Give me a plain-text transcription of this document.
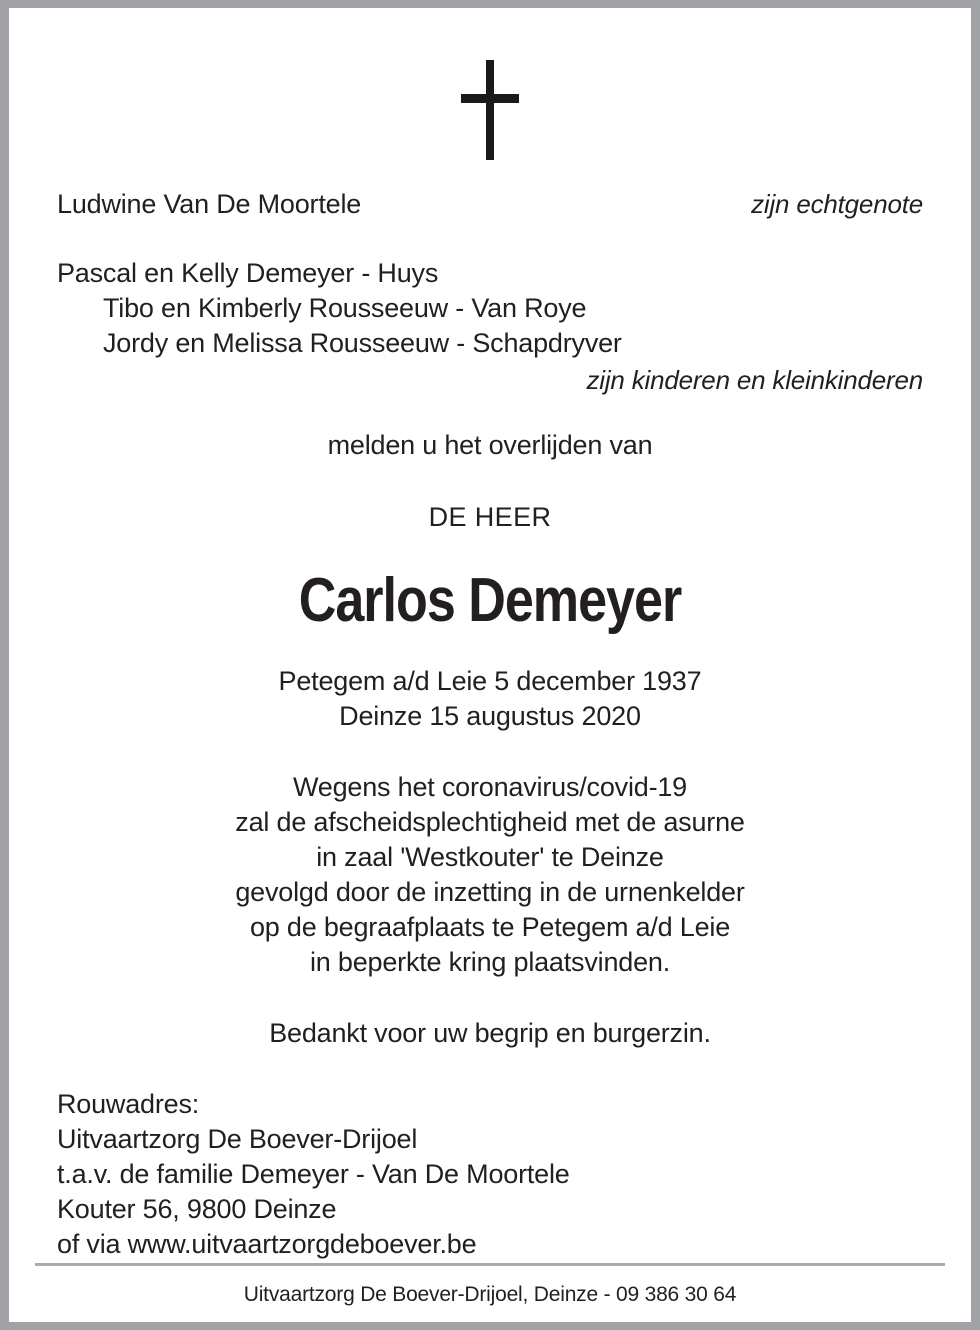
Ludwine Van De Moortele	zijn echtgenote
Pascal en Kelly Demeyer - Huys
Tibo en Kimberly Rousseeuw - Van Roye
Jordy en Melissa Rousseeuw - Schapdryver
zijn kinderen en kleinkinderen
melden u het overlijden van
DE HEER
Carlos Demeyer
Petegem a/d Leie 5 december 1937
Deinze 15 augustus 2020
Wegens het coronavirus/covid-19
zal de afscheidsplechtigheid met de asurne
in zaal 'Westkouter' te Deinze
gevolgd door de inzetting in de urnenkelder
op de begraafplaats te Petegem a/d Leie
in beperkte kring plaatsvinden.
Bedankt voor uw begrip en burgerzin.
Rouwadres:
Uitvaartzorg De Boever-Drijoel
t.a.v. de familie Demeyer - Van De Moortele
Kouter 56, 9800 Deinze
of via www.uitvaartzorgdeboever.be
Uitvaartzorg De Boever-Drijoel, Deinze - 09 386 30 64
